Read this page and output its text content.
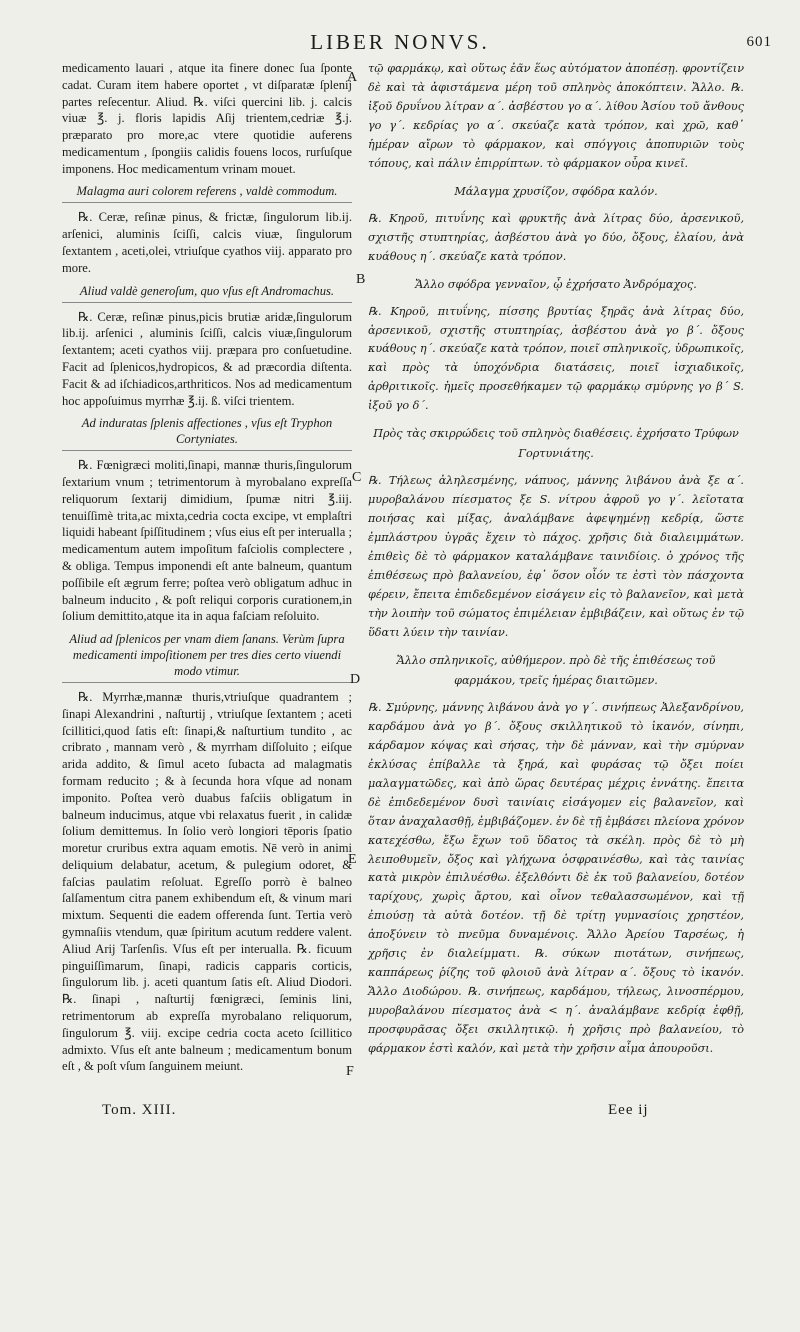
LIBER NONVS.	601

medicamento lauari , atque ita finere donec ſua ſponte cadat. Curam item habere oportet , vt diſparatæ ſplenij partes reſecentur. Aliud. ℞. viſci quercini lib. j. calcis viuæ ℥. j. floris lapidis Aſij trientem,cedriæ ℥.j. præparato pro more,ac vtere quotidie auferens medicamentum , ſpongiis calidis fouens locos, rurſuſque imponens. Hoc medicamentum vrinam mouet.

Malagma auri colorem referens , valdè commodum.

℞. Ceræ, reſinæ pinus, & frictæ, ſingulorum lib.ij. arſenici, aluminis ſciſſi, calcis viuæ, ſingulorum ſextantem , aceti,olei, vtriuſque cyathos viij. apparato pro more.

Aliud valdè generoſum, quo vſus eſt Andromachus.

℞. Ceræ, reſinæ pinus,picis brutiæ aridæ,ſingulorum lib.ij. arſenici , aluminis ſciſſi, calcis viuæ,ſingulorum ſextantem; aceti cyathos viij. præpara pro conſuetudine. Facit ad ſplenicos,hydropicos, & ad præcordia diſtenta. Facit & ad iſchiadicos,arthriticos. Nos ad medicamentum hoc appoſuimus myrrhæ ℥.ij. ß. viſci trientem.

Ad induratas ſplenis affectiones , vſus eſt Tryphon Cortyniates.

℞. Fœnigræci moliti,ſinapi, mannæ thuris,ſingulorum ſextarium vnum ; tetrimentorum à myrobalano expreſſa reliquorum ſextarij dimidium, ſpumæ nitri ℥.iij. tenuiſſimè trita,ac mixta,cedria cocta excipe, vt emplaſtri liquidi habeant ſpiſſitudinem ; vſus eius eſt per interualla ; medicamentum autem impoſitum faſciolis complectere , & obliga. Tempus imponendi eſt ante balneum, quantum poſſibile eſt ægrum ferre; poſtea verò obligatum adhuc in balneum inducito , & poſt reliqui corporis curationem,in ſolium demittito,atque ita in aqua faſciam reſoluito.

Aliud ad ſplenicos per vnam diem ſanans. Verùm ſupra medicamenti impoſitionem per tres dies certo viuendi modo vtimur.

℞. Myrrhæ,mannæ thuris,vtriuſque quadrantem ; ſinapi Alexandrini , naſturtij , vtriuſque ſextantem ; aceti ſcillitici,quod ſatis eſt: ſinapi,& naſturtium tundito , ac cribrato , mannam verò , & myrrham diſſoluito ; eiſque arida addito, & ſimul aceto ſubacta ad malagmatis formam reducito ; & à ſecunda hora vſque ad nonam imponito. Poſtea verò duabus faſciis obligatum in balneum inducimus, atque vbi relaxatus fuerit , in calidæ ſolium demittemus. In ſolio verò longiori tēporis ſpatio moretur cruribus extra aquam emotis. Nē verò in animi deliquium delabatur, acetum, & pulegium odoret, & faſcias paulatim reſoluat. Egreſſo porrò è balneo ſalſamentum citra panem exhibendum eſt, & vinum mari mixtum. Sequenti die eadem offerenda ſunt. Tertia verò gymnaſiis vtendum, quæ ſpiritum acutum reddere valent. Aliud Arij Tarſenſis. Vſus eſt per interualla. ℞. ficuum pinguiſſimarum, ſinapi, radicis capparis corticis, ſingulorum lib. j. aceti quantum ſatis eſt. Aliud Diodori. ℞. ſinapi , naſturtij fœnigræci, ſeminis lini, retrimentorum ab expreſſa myrobalano reliquorum, ſingulorum ℥. viij. excipe cedria cocta aceto ſcillitico admixto. Vſus eſt ante balneum ; medicamentum bonum eſt , & poſt vſum ſanguinem meiunt.

A
B
C
D
E
F

τῷ φαρμάκῳ, καὶ οὕτως ἐᾶν ἕως αὐτόματον ἀποπέσῃ. φροντίζειν δὲ καὶ τὰ ἀφιστάμενα μέρη τοῦ σπληνὸς ἀποκόπτειν. Ἄλλο. ℞. ἰξοῦ δρυΐνου λίτραν α΄. ἀσβέστου γο α΄. λίθου Ἀσίου τοῦ ἄνθους γο γ΄. κεδρίας γο α΄. σκεύαζε κατὰ τρόπον, καὶ χρῶ, καθ᾽ ἡμέραν αἴρων τὸ φάρμακον, καὶ σπόγγοις ἀποπυριῶν τοὺς τόπους, καὶ πάλιν ἐπιρρίπτων. τὸ φάρμακον οὖρα κινεῖ.

Μάλαγμα χρυσίζον, σφόδρα καλόν.

℞. Κηροῦ, πιτυΐνης καὶ φρυκτῆς ἀνὰ λίτρας δύο, ἀρσενικοῦ, σχιστῆς στυπτηρίας, ἀσβέστου ἀνὰ γο δύο, ὄξους, ἐλαίου, ἀνὰ κυάθους η΄. σκεύαζε κατὰ τρόπον.

Ἄλλο σφόδρα γενναῖον, ᾧ ἐχρήσατο Ἀνδρόμαχος.

℞. Κηροῦ, πιτυΐνης, πίσσης βρυτίας ξηρᾶς ἀνὰ λίτρας δύο, ἀρσενικοῦ, σχιστῆς στυπτηρίας, ἀσβέστου ἀνὰ γο β΄. ὄξους κυάθους η΄. σκεύαζε κατὰ τρόπον, ποιεῖ σπληνικοῖς, ὑδρωπικοῖς, καὶ πρὸς τὰ ὑποχόνδρια διατάσεις, ποιεῖ ἰσχιαδικοῖς, ἀρθριτικοῖς. ἡμεῖς προσεθήκαμεν τῷ φαρμάκῳ σμύρνης γο β΄ S. ἰξοῦ γο δ΄.

Πρὸς τὰς σκιρρώδεις τοῦ σπληνὸς διαθέσεις. ἐχρήσατο Τρύφων Γορτυνιάτης.

℞. Τήλεως ἀληλεσμένης, νάπυος, μάννης λιβάνου ἀνὰ ξε α΄. μυροβαλάνου πίεσματος ξε S. νίτρου ἀφροῦ γο γ΄. λεῖοτατα ποιήσας καὶ μίξας, ἀναλάμβανε ἀφεψημένῃ κεδρίᾳ, ὥστε ἐμπλάστρου ὑγρᾶς ἔχειν τὸ πάχος. χρῆσις διὰ διαλειμμάτων. ἐπιθεὶς δὲ τὸ φάρμακον καταλάμβανε ταινιδίοις. ὁ χρόνος τῆς ἐπιθέσεως πρὸ βαλανείου, ἐφ᾽ ὅσον οἷόν τε ἐστὶ τὸν πάσχοντα φέρειν, ἔπειτα ἐπιδεδεμένον εἰσάγειν εἰς τὸ βαλανεῖον, καὶ μετὰ τὴν λοιπὴν τοῦ σώματος ἐπιμέλειαν ἐμβιβάζειν, καὶ οὕτως ἐν τῷ ὕδατι λύειν τὴν ταινίαν.

Ἄλλο σπληνικοῖς, αὐθήμερον. πρὸ δὲ τῆς ἐπιθέσεως τοῦ φαρμάκου, τρεῖς ἡμέρας διαιτῶμεν.

℞. Σμύρνης, μάννης λιβάνου ἀνὰ γο γ΄. σινήπεως Ἀλεξανδρίνου, καρδάμου ἀνὰ γο β΄. ὄξους σκιλλητικοῦ τὸ ἱκανόν, σίνηπι, κάρδαμον κόψας καὶ σήσας, τὴν δὲ μάνναν, καὶ τὴν σμύρναν ἐκλύσας ἐπίβαλλε τὰ ξηρά, καὶ φυράσας τῷ ὄξει ποίει μαλαγματῶδες, καὶ ἀπὸ ὥρας δευτέρας μέχρις ἐννάτης. ἔπειτα δὲ ἐπιδεδεμένον δυσὶ ταινίαις εἰσάγομεν εἰς βαλανεῖον, καὶ ὅταν ἀναχαλασθῇ, ἐμβιβάζομεν. ἐν δὲ τῇ ἐμβάσει πλείονα χρόνον κατεχέσθω, ἔξω ἔχων τοῦ ὕδατος τὰ σκέλη. πρὸς δὲ τὸ μὴ λειποθυμεῖν, ὄξος καὶ γλήχωνα ὀσφραινέσθω, καὶ τὰς ταινίας κατὰ μικρὸν ἐπιλυέσθω. ἐξελθόντι δὲ ἐκ τοῦ βαλανείου, δοτέον ταρίχους, χωρὶς ἄρτου, καὶ οἶνον τεθαλασσωμένον, καὶ τῇ ἐπιούσῃ τὰ αὐτὰ δοτέον. τῇ δὲ τρίτῃ γυμνασίοις χρηστέον, ἀποξύνειν τὸ πνεῦμα δυναμένοις. Ἄλλο Ἀρείου Ταρσέως, ἡ χρῆσις ἐν διαλείμματι. ℞. σύκων πιοτάτων, σινήπεως, καππάρεως ῥίζης τοῦ φλοιοῦ ἀνὰ λίτραν α΄. ὄξους τὸ ἱκανόν. Ἄλλο Διοδώρου. ℞. σινήπεως, καρδάμου, τήλεως, λινοσπέρμου, μυροβαλάνου πίεσματος ἀνὰ < η΄. ἀναλάμβανε κεδρίᾳ ἑφθῇ, προσφυρᾶσας ὄξει σκιλλητικῷ. ἡ χρῆσις πρὸ βαλανείου, τὸ φάρμακον ἐστὶ καλόν, καὶ μετὰ τὴν χρῆσιν αἷμα ἀπουροῦσι.

Tom. XIII.	Eee ij
